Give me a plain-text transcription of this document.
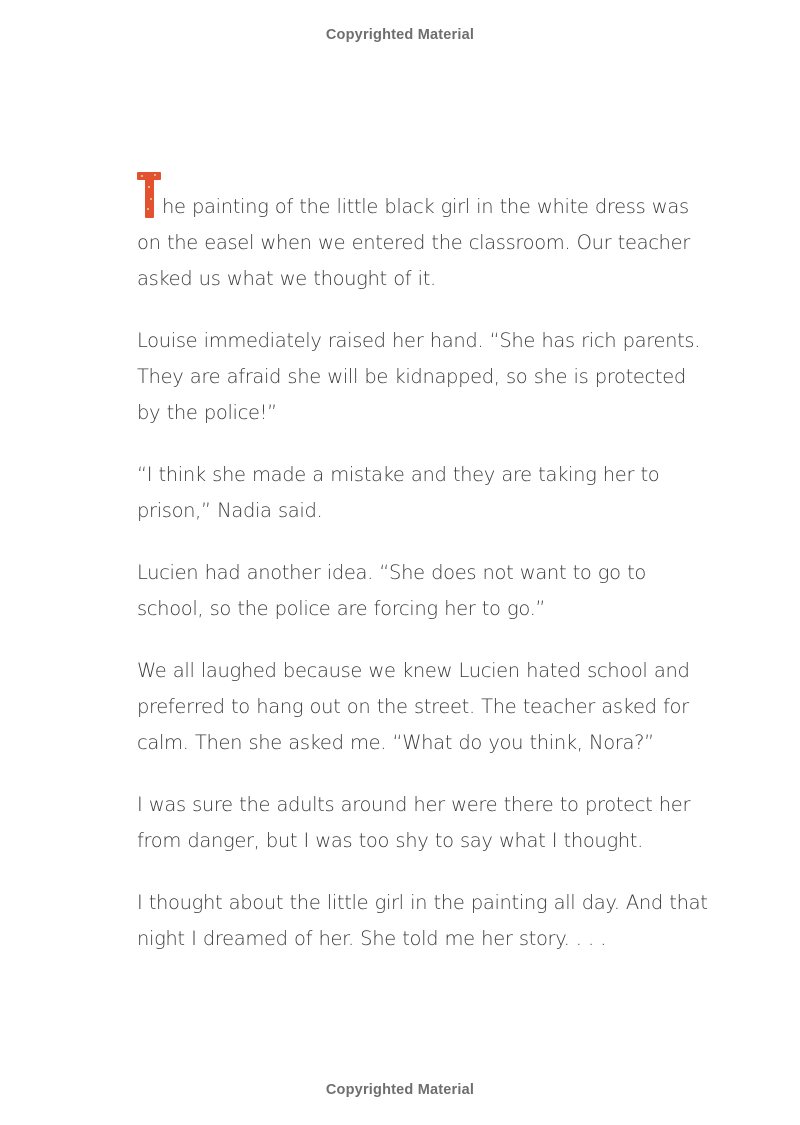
Copyrighted Material

he painting of the little black girl in the white dress was
on the easel when we entered the classroom. Our teacher
asked us what we thought of it.

Louise immediately raised her hand. “She has rich parents.
They are afraid she will be kidnapped, so she is protected
by the police!”

“I think she made a mistake and they are taking her to
prison,” Nadia said.

Lucien had another idea. “She does not want to go to
school, so the police are forcing her to go.”

We all laughed because we knew Lucien hated school and
preferred to hang out on the street. The teacher asked for
calm. Then she asked me. “What do you think, Nora?”

I was sure the adults around her were there to protect her
from danger, but I was too shy to say what I thought.

I thought about the little girl in the painting all day. And that
night I dreamed of her. She told me her story. . . .

Copyrighted Material
